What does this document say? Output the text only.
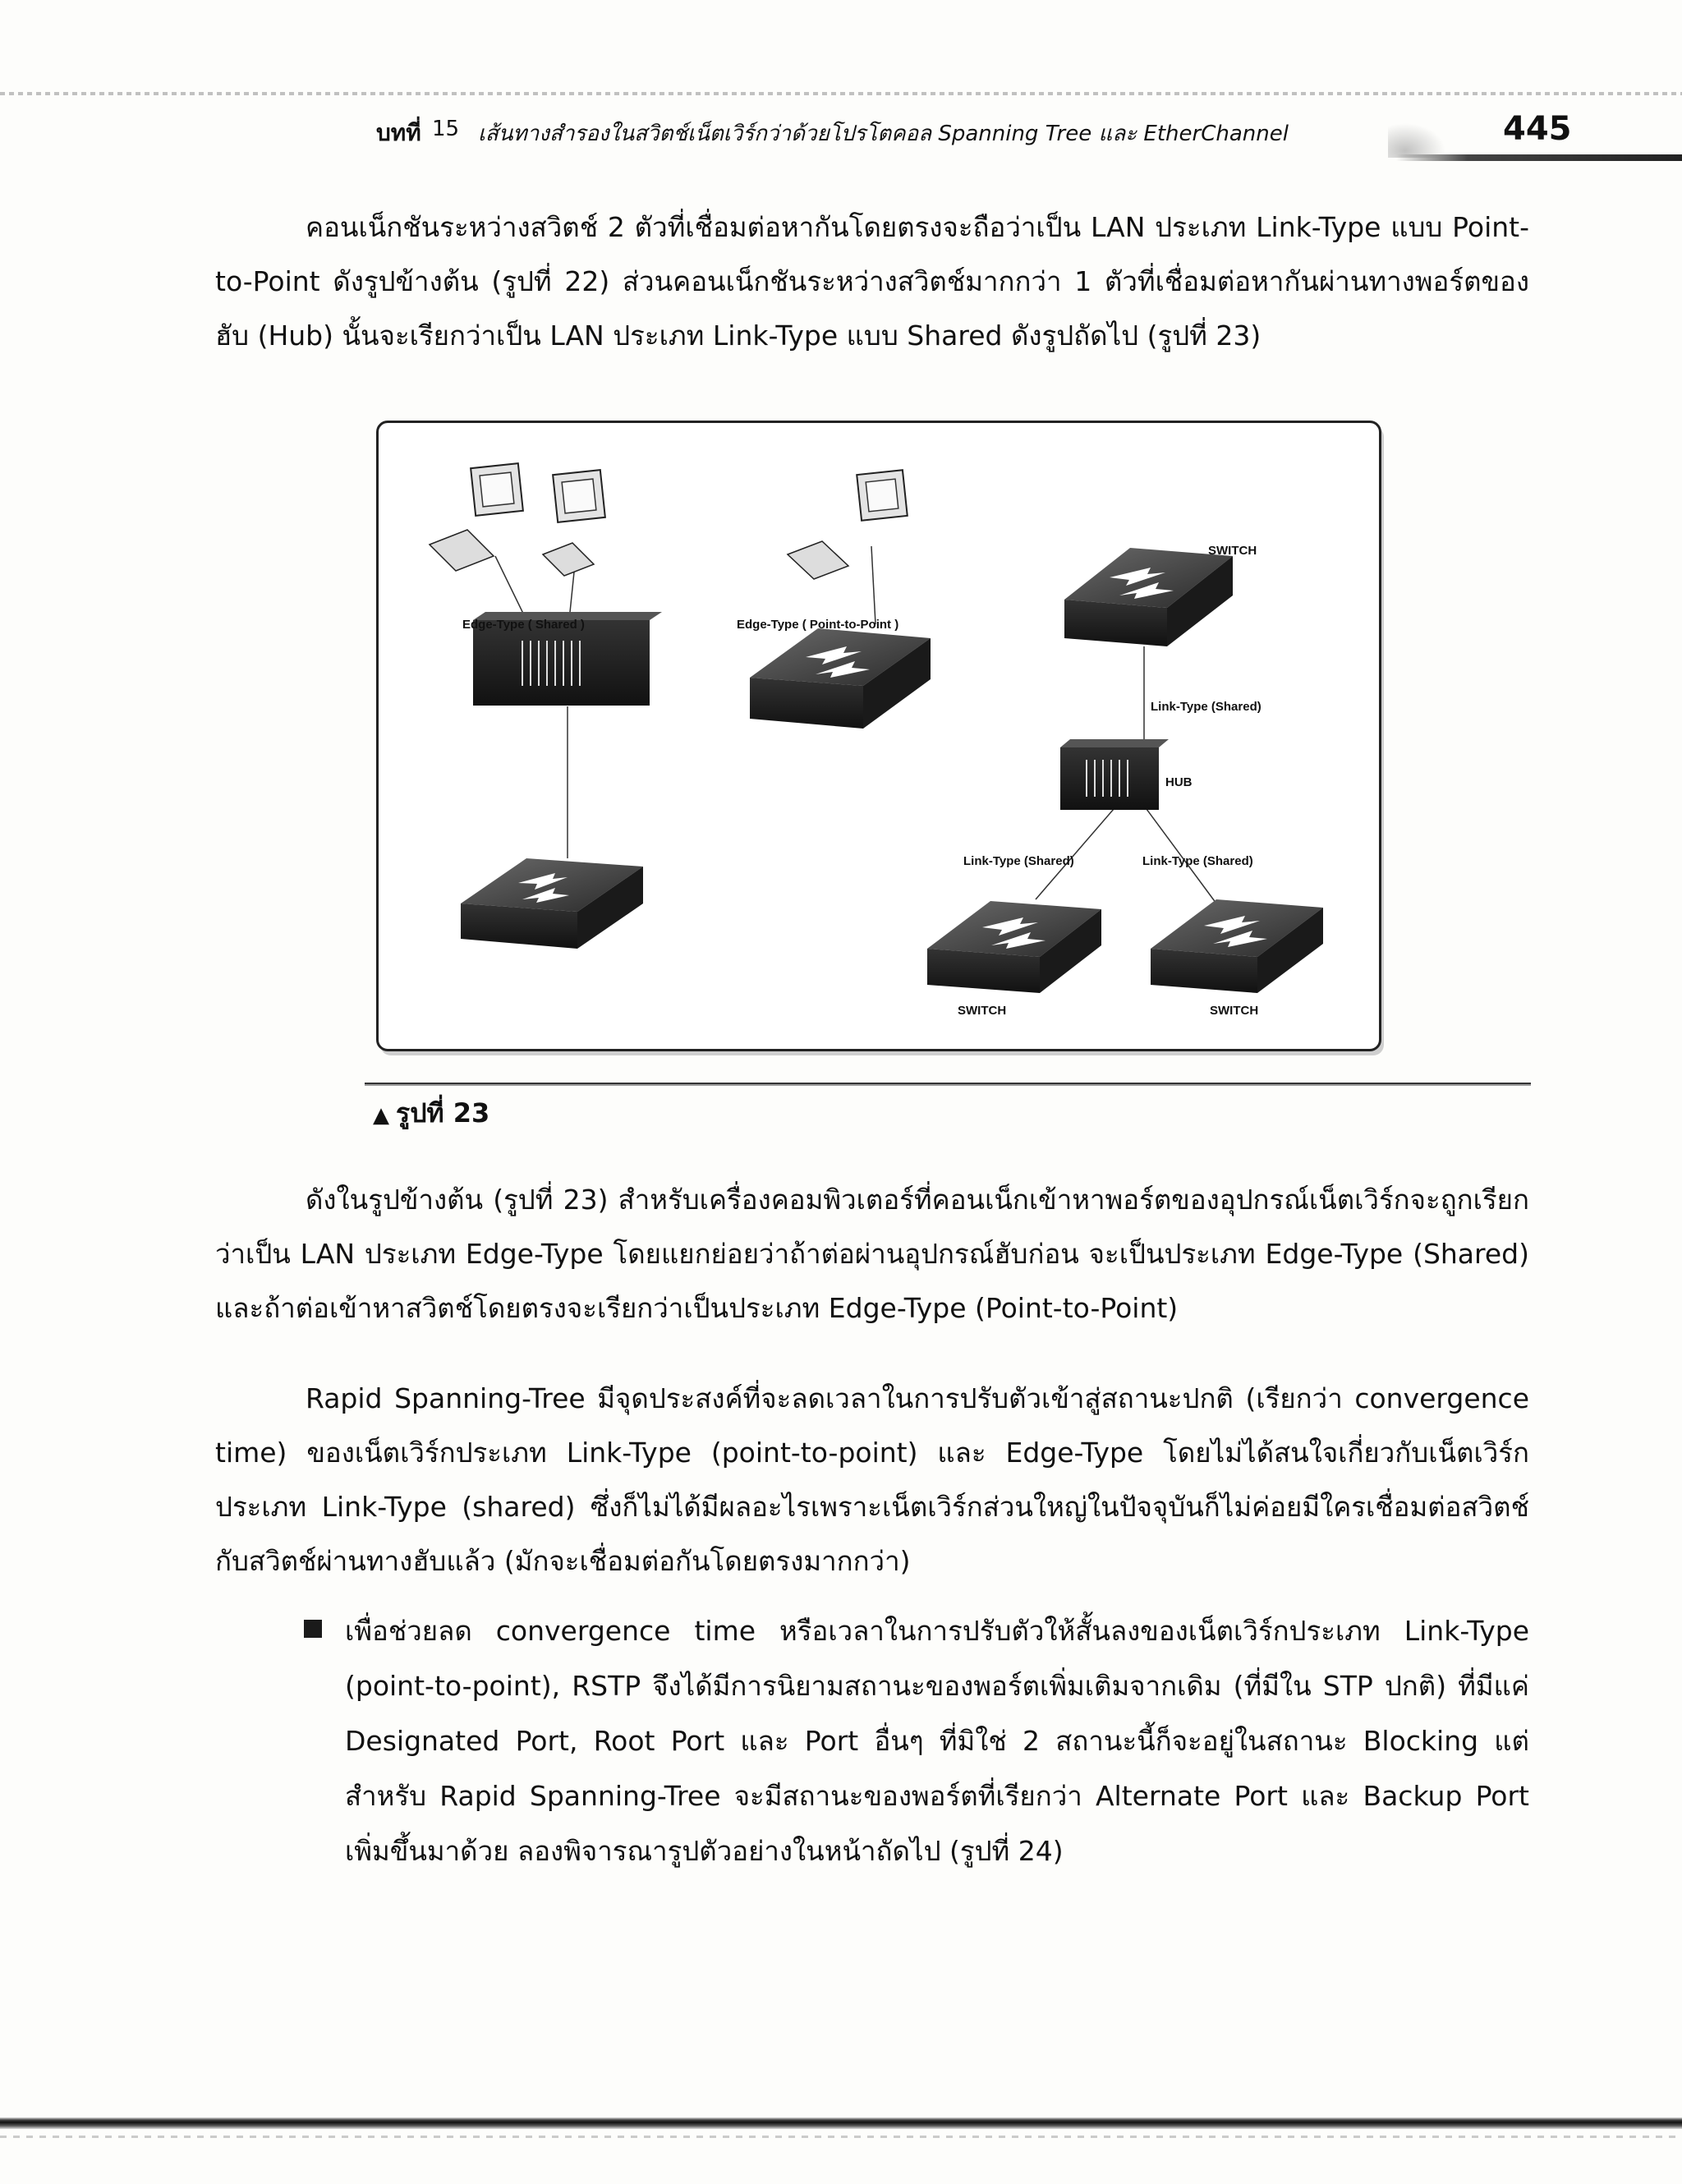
บทที่ 15 เส้นทางสำรองในสวิตช์เน็ตเวิร์กว่าด้วยโปรโตคอล Spanning Tree และ EtherChannel	445

คอนเน็กชันระหว่างสวิตช์ 2 ตัวที่เชื่อมต่อหากันโดยตรงจะถือว่าเป็น LAN ประเภท Link-Type แบบ Point-to-Point ดังรูปข้างต้น (รูปที่ 22) ส่วนคอนเน็กชันระหว่างสวิตช์มากกว่า 1 ตัวที่เชื่อมต่อหากันผ่านทางพอร์ตของฮับ (Hub) นั้นจะเรียกว่าเป็น LAN ประเภท Link-Type แบบ Shared ดังรูปถัดไป (รูปที่ 23)

Edge-Type ( Shared )	Edge-Type ( Point-to-Point )
SWITCH
Link-Type (Shared)
HUB
Link-Type (Shared)	Link-Type (Shared)
SWITCH	SWITCH
▲ รูปที่ 23

ดังในรูปข้างต้น (รูปที่ 23) สำหรับเครื่องคอมพิวเตอร์ที่คอนเน็กเข้าหาพอร์ตของอุปกรณ์เน็ตเวิร์กจะถูกเรียกว่าเป็น LAN ประเภท Edge-Type โดยแยกย่อยว่าถ้าต่อผ่านอุปกรณ์ฮับก่อน จะเป็นประเภท Edge-Type (Shared) และถ้าต่อเข้าหาสวิตช์โดยตรงจะเรียกว่าเป็นประเภท Edge-Type (Point-to-Point)

Rapid Spanning-Tree มีจุดประสงค์ที่จะลดเวลาในการปรับตัวเข้าสู่สถานะปกติ (เรียกว่า convergence time) ของเน็ตเวิร์กประเภท Link-Type (point-to-point) และ Edge-Type โดยไม่ได้สนใจเกี่ยวกับเน็ตเวิร์กประเภท Link-Type (shared) ซึ่งก็ไม่ได้มีผลอะไรเพราะเน็ตเวิร์กส่วนใหญ่ในปัจจุบันก็ไม่ค่อยมีใครเชื่อมต่อสวิตช์กับสวิตช์ผ่านทางฮับแล้ว (มักจะเชื่อมต่อกันโดยตรงมากกว่า)

เพื่อช่วยลด convergence time หรือเวลาในการปรับตัวให้สั้นลงของเน็ตเวิร์กประเภท Link-Type (point-to-point), RSTP จึงได้มีการนิยามสถานะของพอร์ตเพิ่มเติมจากเดิม (ที่มีใน STP ปกติ) ที่มีแค่ Designated Port, Root Port และ Port อื่นๆ ที่มิใช่ 2 สถานะนี้ก็จะอยู่ในสถานะ Blocking แต่สำหรับ Rapid Spanning-Tree จะมีสถานะของพอร์ตที่เรียกว่า Alternate Port และ Backup Port เพิ่มขึ้นมาด้วย ลองพิจารณารูปตัวอย่างในหน้าถัดไป (รูปที่ 24)
